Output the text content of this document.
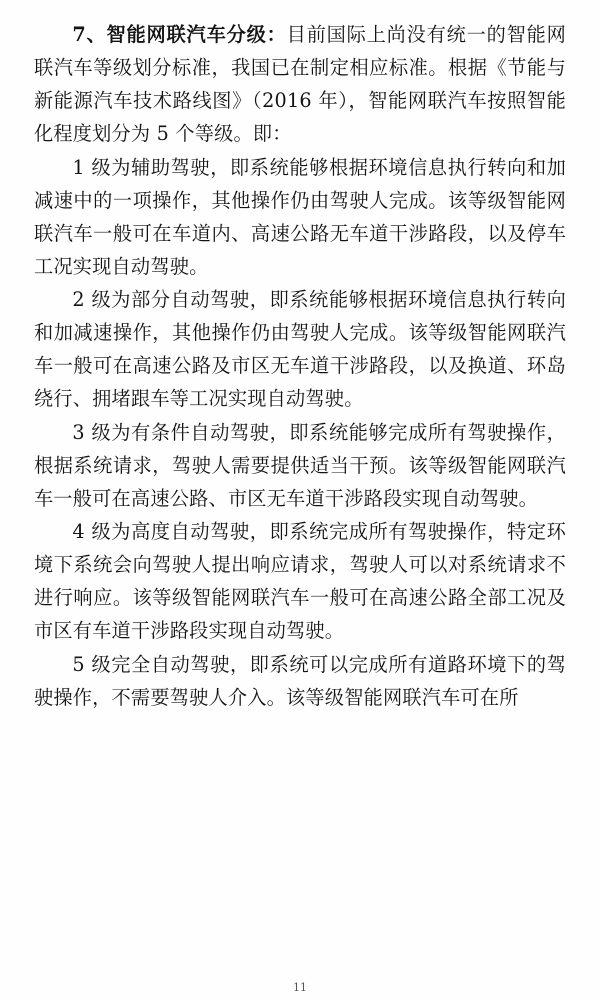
7、智能网联汽车分级：目前国际上尚没有统一的智能网联汽车等级划分标准，我国已在制定相应标准。根据《节能与新能源汽车技术路线图》（2016 年），智能网联汽车按照智能化程度划分为 5 个等级。即：

1 级为辅助驾驶，即系统能够根据环境信息执行转向和加减速中的一项操作，其他操作仍由驾驶人完成。该等级智能网联汽车一般可在车道内、高速公路无车道干涉路段，以及停车工况实现自动驾驶。

2 级为部分自动驾驶，即系统能够根据环境信息执行转向和加减速操作，其他操作仍由驾驶人完成。该等级智能网联汽车一般可在高速公路及市区无车道干涉路段，以及换道、环岛绕行、拥堵跟车等工况实现自动驾驶。

3 级为有条件自动驾驶，即系统能够完成所有驾驶操作，根据系统请求，驾驶人需要提供适当干预。该等级智能网联汽车一般可在高速公路、市区无车道干涉路段实现自动驾驶。

4 级为高度自动驾驶，即系统完成所有驾驶操作，特定环境下系统会向驾驶人提出响应请求，驾驶人可以对系统请求不进行响应。该等级智能网联汽车一般可在高速公路全部工况及市区有车道干涉路段实现自动驾驶。

5 级完全自动驾驶，即系统可以完成所有道路环境下的驾驶操作，不需要驾驶人介入。该等级智能网联汽车可在所

11
